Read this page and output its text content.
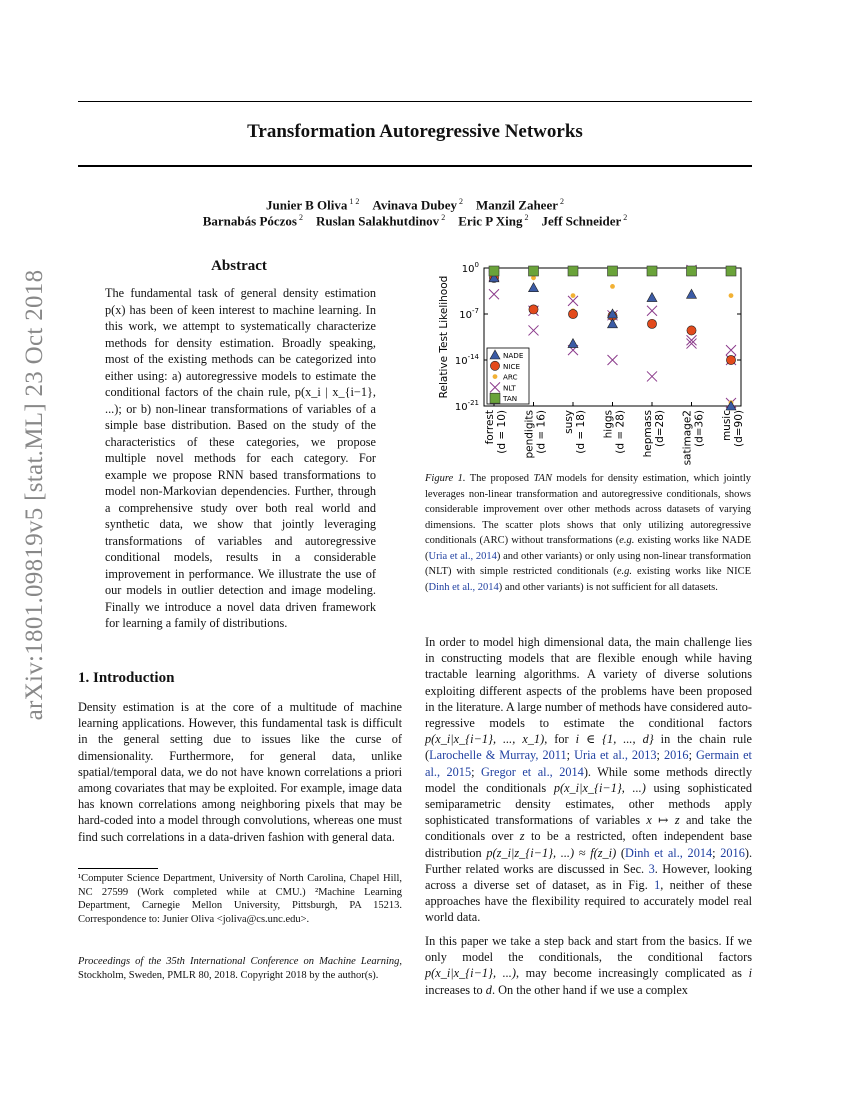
Transformation Autoregressive Networks
Junier B Oliva $^{1 2}$  Avinava Dubey $^2$  Manzil Zaheer $^2$
Barnabás Póczos $^2$  Ruslan Salakhutdinov $^2$  Eric P Xing $^2$  Jeff Schneider $^2$
arXiv:1801.09819v5 [stat.ML] 23 Oct 2018
Abstract

The fundamental task of general density estimation p(x) has been of keen interest to machine learning. In this work, we attempt to systematically characterize methods for density estimation. Broadly speaking, most of the existing methods can be categorized into either using: a) autoregressive models to estimate the conditional factors of the chain rule, p(x_i | x_{i−1}, ...); or b) non-linear transformations of variables of a simple base distribution. Based on the study of the characteristics of these categories, we propose multiple novel methods for each category. For example we propose RNN based transformations to model non-Markovian dependencies. Further, through a comprehensive study over both real world and synthetic data, we show that jointly leveraging transformations of variables and autoregressive conditional models, results in a considerable improvement in performance. We illustrate the use of our models in outlier detection and image modeling. Finally we introduce a novel data driven framework for learning a family of distributions.

1. Introduction

Density estimation is at the core of a multitude of machine learning applications. However, this fundamental task is difficult in the general setting due to issues like the curse of dimensionality. Furthermore, for general data, unlike spatial/temporal data, we do not have known correlations a priori among covariates that may be exploited. For example, image data has known correlations among neighboring pixels that may be hard-coded into a model through convolutions, whereas one must find such correlations in a data-driven fashion with general data.

¹Computer Science Department, University of North Carolina, Chapel Hill, NC 27599 (Work completed while at CMU.) ²Machine Learning Department, Carnegie Mellon University, Pittsburgh, PA 15213. Correspondence to: Junier Oliva <joliva@cs.unc.edu>.
Proceedings of the 35th International Conference on Machine Learning, Stockholm, Sweden, PMLR 80, 2018. Copyright 2018 by the author(s).
$10^0$
$10^{-7}$
$10^{-14}$
$10^{-21}$
Relative Test Likelihood
forrest (d = 10) pendigits (d = 16) susy (d = 18) higgs (d = 28) hepmass (d=28) satimage2 (d=36) music (d=90)
NADE
NICE
ARC
NLT
TAN
Figure 1. The proposed TAN models for density estimation, which jointly leverages non-linear transformation and autoregressive conditionals, shows considerable improvement over other methods across datasets of varying dimensions. The scatter plots shows that only utilizing autoregressive conditionals (ARC) without transformations (e.g. existing works like NADE (Uria et al., 2014) and other variants) or only using non-linear transformation (NLT) with simple restricted conditionals (e.g. existing works like NICE (Dinh et al., 2014) and other variants) is not sufficient for all datasets.

In order to model high dimensional data, the main challenge lies in constructing models that are flexible enough while having tractable learning algorithms. A variety of diverse solutions exploiting different aspects of the problems have been proposed in the literature. A large number of methods have considered auto-regressive models to estimate the conditional factors p(x_i|x_{i−1}, ..., x_1), for i ∈ {1, ..., d} in the chain rule (Larochelle & Murray, 2011; Uria et al., 2013; 2016; Germain et al., 2015; Gregor et al., 2014). While some methods directly model the conditionals p(x_i|x_{i−1}, ...) using sophisticated semiparametric density estimates, other methods apply sophisticated transformations of variables x ↦ z and take the conditionals over z to be a restricted, often independent base distribution p(z_i|z_{i−1}, ...) ≈ f(z_i) (Dinh et al., 2014; 2016). Further related works are discussed in Sec. 3. However, looking across a diverse set of dataset, as in Fig. 1, neither of these approaches have the flexibility required to accurately model real world data.

In this paper we take a step back and start from the basics. If we only model the conditionals, the conditional factors p(x_i|x_{i−1}, ...), may become increasingly complicated as i increases to d. On the other hand if we use a complex
